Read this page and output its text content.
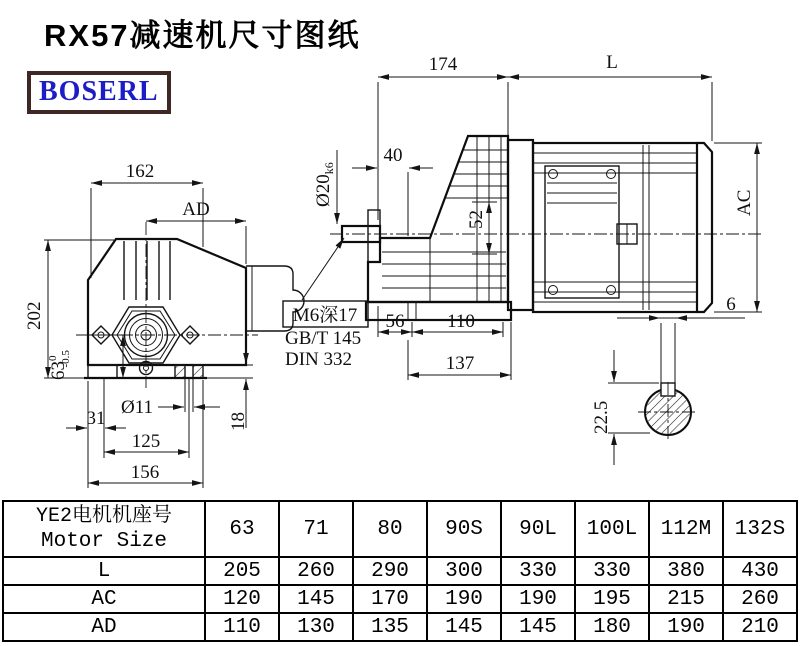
RX57减速机尺寸图纸
BOSERL
162
AD
202
$63^0-0.5$
Ø11
31
125
156
18
174	L
40
$Ø20_{k6}$
52
AC
M6深17
GB/T 145
DIN 332
56 110
137
6
22.5
YE2电机机座号
Motor Size	63	71	80	90S	90L	100L	112M	132S
L	205	260	290	300	330	330	380	430
AC	120	145	170	190	190	195	215	260
AD	110	130	135	145	145	180	190	210
